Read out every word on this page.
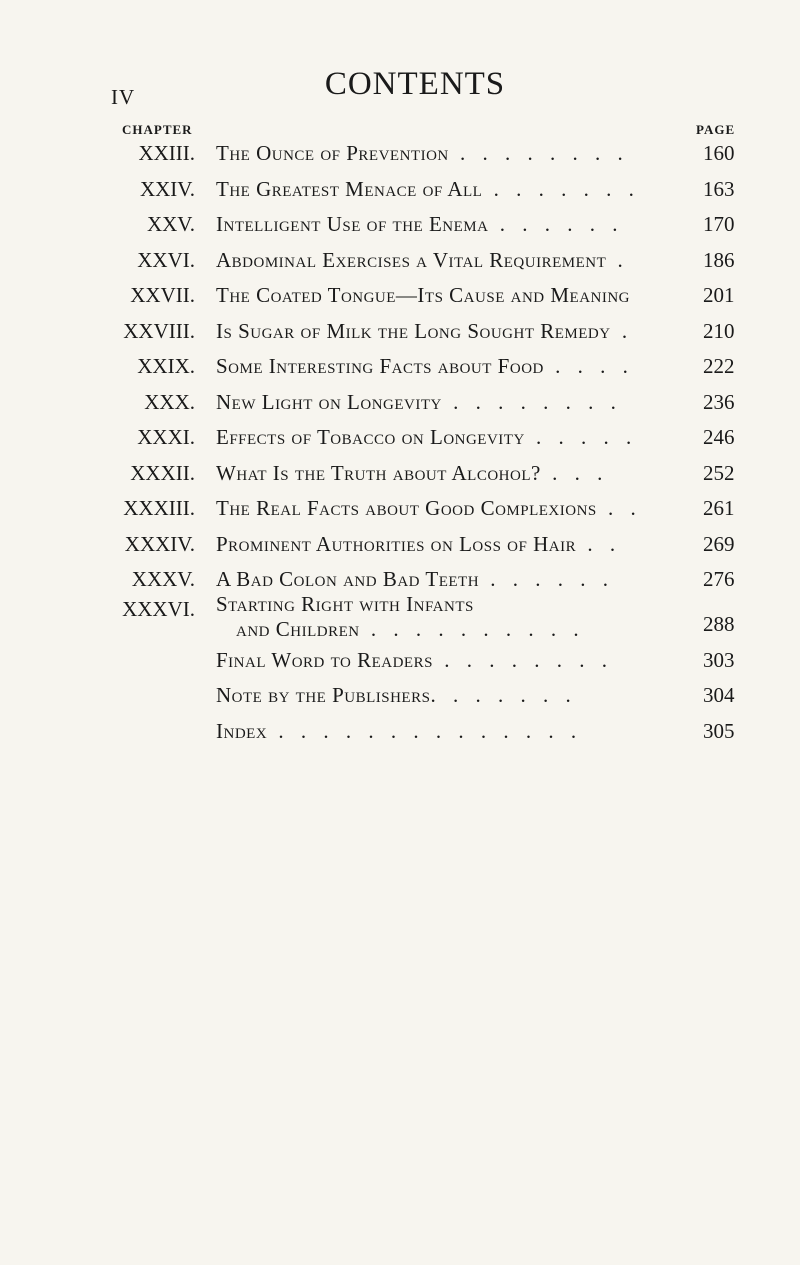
IV	CONTENTS
CHAPTER	PAGE
XXIII. The Ounce of Prevention . . . . . . . .	160
XXIV. The Greatest Menace of All . . . . . . .	163
XXV. Intelligent Use of the Enema . . . . . .	170
XXVI. Abdominal Exercises a Vital Requirement .	186
XXVII. The Coated Tongue—Its Cause and Meaning	201
XXVIII. Is Sugar of Milk the Long Sought Remedy .	210
XXIX. Some Interesting Facts about Food . . . .	222
XXX. New Light on Longevity . . . . . . . .	236
XXXI. Effects of Tobacco on Longevity . . . . .	246
XXXII. What Is the Truth about Alcohol? . . .	252
XXXIII. The Real Facts about Good Complexions . .	261
XXXIV. Prominent Authorities on Loss of Hair . .	269
XXXV. A Bad Colon and Bad Teeth . . . . . .	276
XXXVI. Starting Right with Infants
and Children . . . . . . . . . .	288
Final Word to Readers . . . . . . . .	303
Note by the Publishers. . . . . . .	304
Index . . . . . . . . . . . . . .	305
